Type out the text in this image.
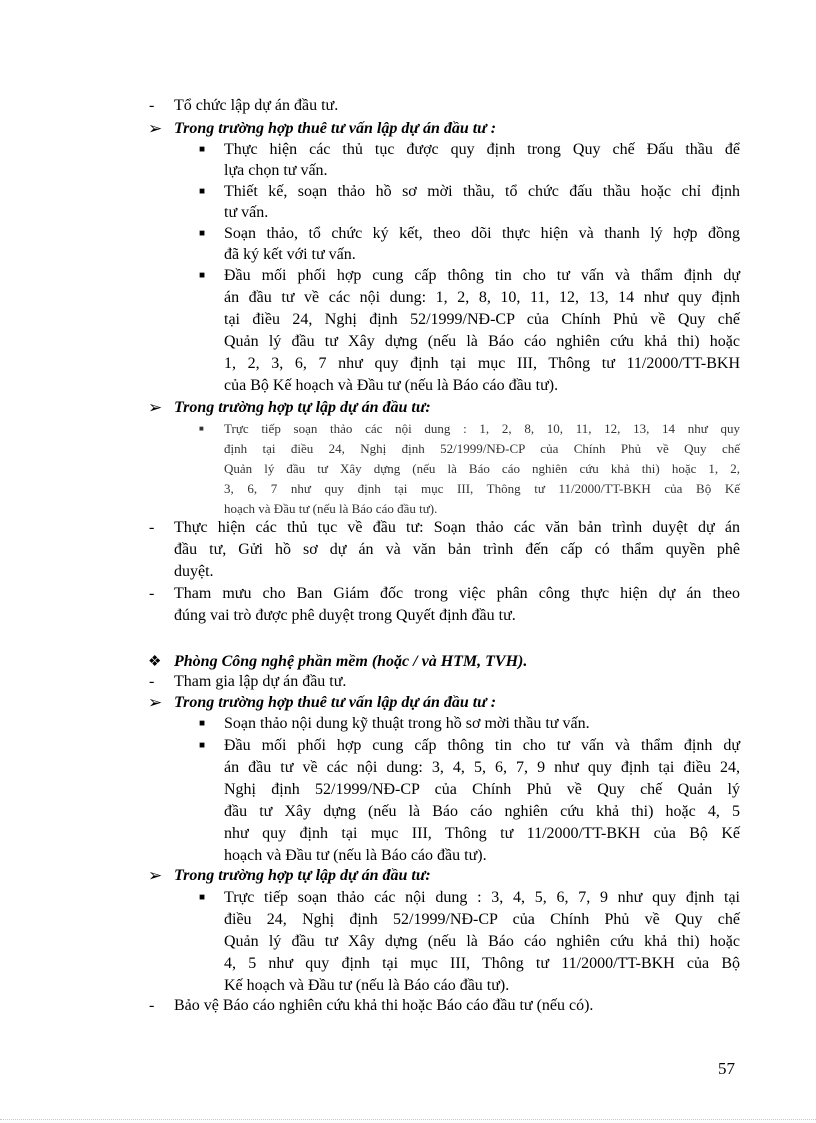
- Tổ chức lập dự án đầu tư.
➢ Trong trường hợp thuê tư vấn lập dự án đầu tư :
■ Thực hiện các thủ tục được quy định trong Quy chế Đấu thầu để
lựa chọn tư vấn.
■ Thiết kế, soạn thảo hồ sơ mời thầu, tổ chức đấu thầu hoặc chỉ định
tư vấn.
■ Soạn thảo, tổ chức ký kết, theo dõi thực hiện và thanh lý hợp đồng
đã ký kết với tư vấn.
■ Đầu mối phối hợp cung cấp thông tin cho tư vấn và thẩm định dự
án đầu tư về các nội dung: 1, 2, 8, 10, 11, 12, 13, 14 như quy định
tại điều 24, Nghị định 52/1999/NĐ-CP của Chính Phủ về Quy chế
Quản lý đầu tư Xây dựng (nếu là Báo cáo nghiên cứu khả thi) hoặc
1, 2, 3, 6, 7 như quy định tại mục III, Thông tư 11/2000/TT-BKH
của Bộ Kế hoạch và Đầu tư (nếu là Báo cáo đầu tư).
➢ Trong trường hợp tự lập dự án đầu tư:
■ Trực tiếp soạn thảo các nội dung : 1, 2, 8, 10, 11, 12, 13, 14 như quy
định tại điều 24, Nghị định 52/1999/NĐ-CP của Chính Phủ về Quy chế
Quản lý đầu tư Xây dựng (nếu là Báo cáo nghiên cứu khả thi) hoặc 1, 2,
3, 6, 7 như quy định tại mục III, Thông tư 11/2000/TT-BKH của Bộ Kế
hoạch và Đầu tư (nếu là Báo cáo đầu tư).
- Thực hiện các thủ tục về đầu tư: Soạn thảo các văn bản trình duyệt dự án
đầu tư, Gửi hồ sơ dự án và văn bản trình đến cấp có thẩm quyền phê
duyệt.
- Tham mưu cho Ban Giám đốc trong việc phân công thực hiện dự án theo
đúng vai trò được phê duyệt trong Quyết định đầu tư.
❖ Phòng Công nghệ phần mềm (hoặc / và HTM, TVH).
- Tham gia lập dự án đầu tư.
➢ Trong trường hợp thuê tư vấn lập dự án đầu tư :
■ Soạn thảo nội dung kỹ thuật trong hồ sơ mời thầu tư vấn.
■ Đầu mối phối hợp cung cấp thông tin cho tư vấn và thẩm định dự
án đầu tư về các nội dung: 3, 4, 5, 6, 7, 9 như quy định tại điều 24,
Nghị định 52/1999/NĐ-CP của Chính Phủ về Quy chế Quản lý
đầu tư Xây dựng (nếu là Báo cáo nghiên cứu khả thi) hoặc 4, 5
như quy định tại mục III, Thông tư 11/2000/TT-BKH của Bộ Kế
hoạch và Đầu tư (nếu là Báo cáo đầu tư).
➢ Trong trường hợp tự lập dự án đầu tư:
■ Trực tiếp soạn thảo các nội dung : 3, 4, 5, 6, 7, 9 như quy định tại
điều 24, Nghị định 52/1999/NĐ-CP của Chính Phủ về Quy chế
Quản lý đầu tư Xây dựng (nếu là Báo cáo nghiên cứu khả thi) hoặc
4, 5 như quy định tại mục III, Thông tư 11/2000/TT-BKH của Bộ
Kế hoạch và Đầu tư (nếu là Báo cáo đầu tư).
- Bảo vệ Báo cáo nghiên cứu khả thi hoặc Báo cáo đầu tư (nếu có).
57
